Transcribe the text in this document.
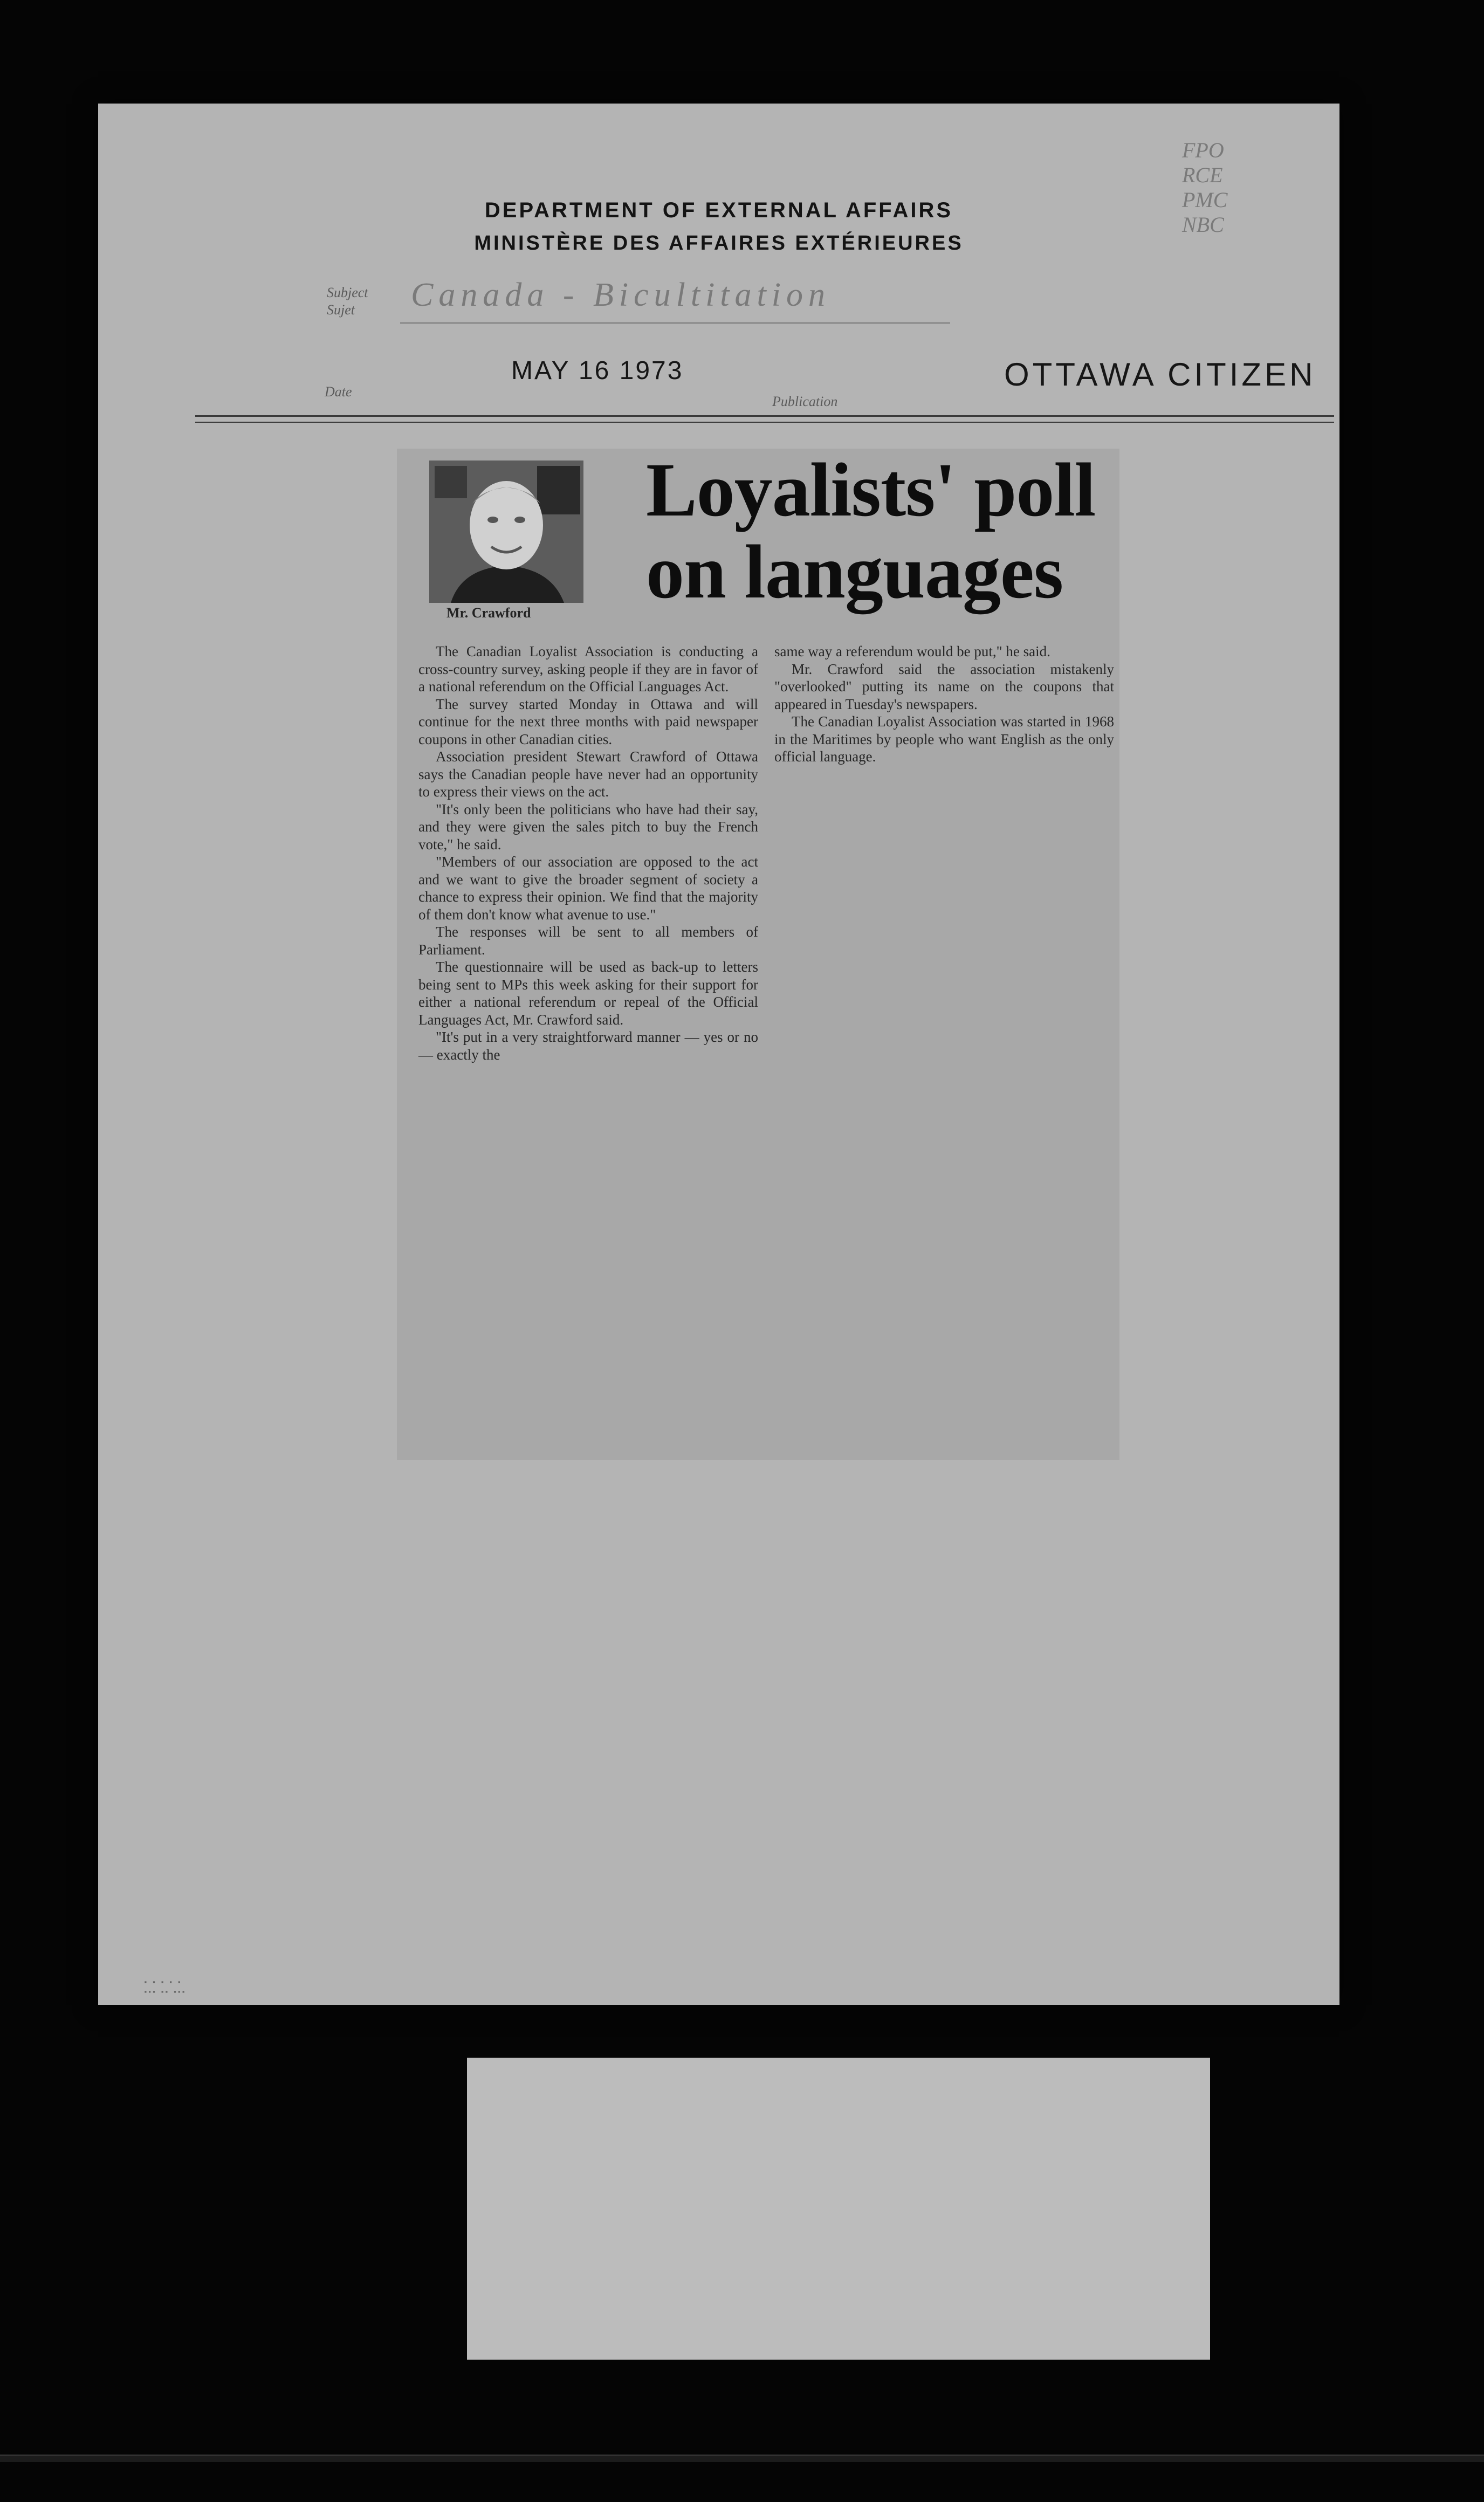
DEPARTMENT OF EXTERNAL AFFAIRS
MINISTÈRE DES AFFAIRES EXTÉRIEURES
Subject
Sujet Canada - Bicultitation
Date
MAY 16 1973
Publication
OTTAWA CITIZEN
FPO
RCE
PMC
NBC
Mr. Crawford
Loyalists' poll
on languages

The Canadian Loyalist Association is conducting a cross-country survey, asking people if they are in favor of a national referendum on the Official Languages Act.

The survey started Monday in Ottawa and will continue for the next three months with paid newspaper coupons in other Canadian cities.

Association president Stewart Crawford of Ottawa says the Canadian people have never had an opportunity to express their views on the act.

"It's only been the politicians who have had their say, and they were given the sales pitch to buy the French vote," he said.

"Members of our association are opposed to the act and we want to give the broader segment of society a chance to express their opinion. We find that the majority of them don't know what avenue to use."

The responses will be sent to all members of Parliament.

The questionnaire will be used as back-up to letters being sent to MPs this week asking for their support for either a national referendum or repeal of the Official Languages Act, Mr. Crawford said.

"It's put in a very straightforward manner — yes or no — exactly the

same way a referendum would be put," he said.

Mr. Crawford said the association mistakenly "overlooked" putting its name on the coupons that appeared in Tuesday's newspapers.

The Canadian Loyalist Association was started in 1968 in the Maritimes by people who want English as the only official language.

▪ ▪ ▪ ▪ ▪
▪▪▪ ▪▪ ▪▪▪
